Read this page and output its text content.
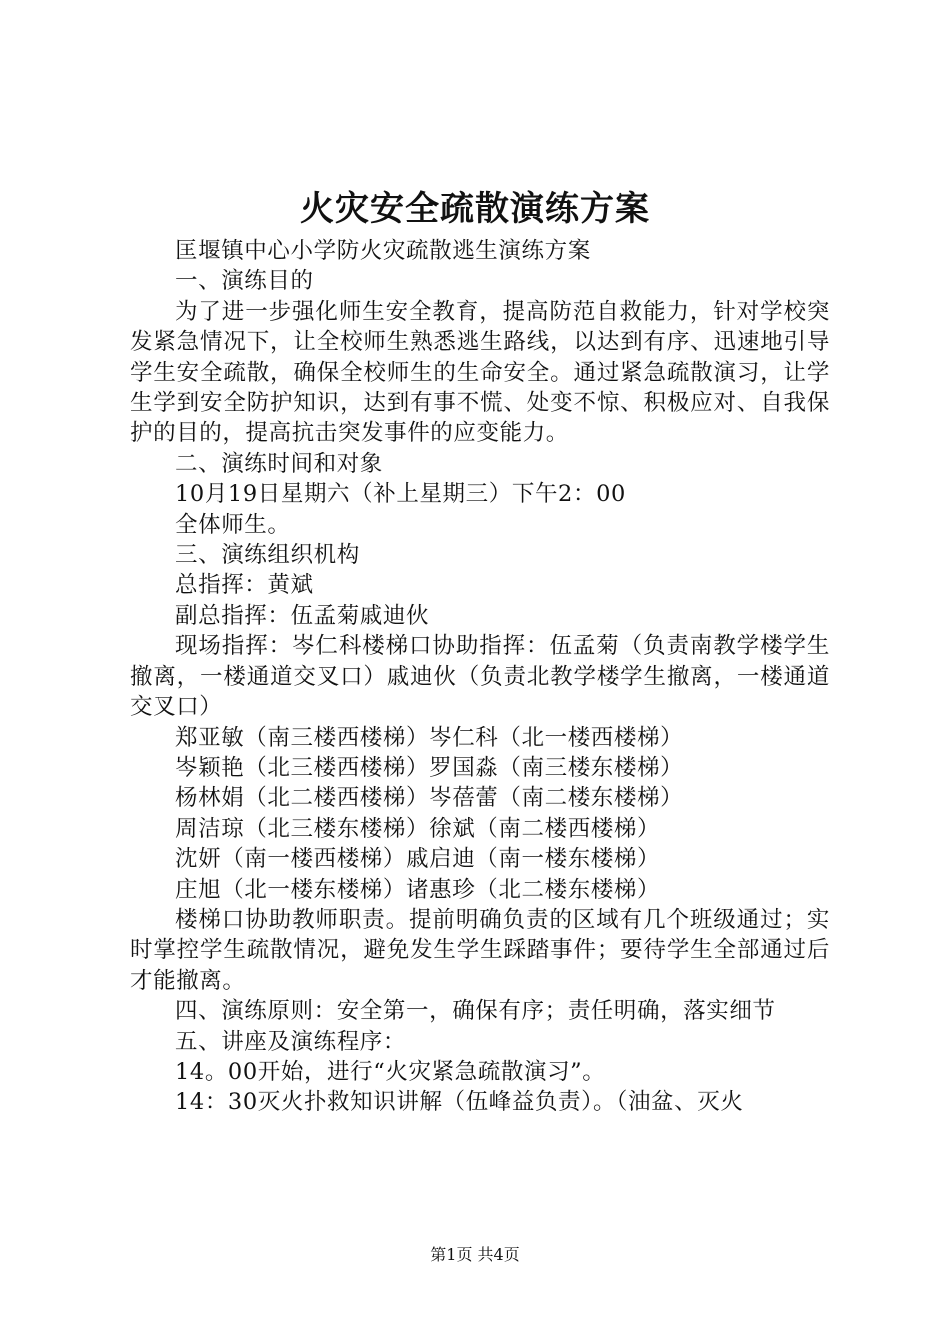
火灾安全疏散演练方案

匡堰镇中心小学防火灾疏散逃生演练方案

一、演练目的

为了进一步强化师生安全教育，提高防范自救能力，针对学校突发紧急情况下，让全校师生熟悉逃生路线，以达到有序、迅速地引导学生安全疏散，确保全校师生的生命安全。通过紧急疏散演习，让学生学到安全防护知识，达到有事不慌、处变不惊、积极应对、自我保护的目的，提高抗击突发事件的应变能力。

二、演练时间和对象

10月19日星期六（补上星期三）下午2：00

全体师生。

三、演练组织机构

总指挥：黄斌

副总指挥：伍孟菊戚迪伙

现场指挥：岑仁科楼梯口协助指挥：伍孟菊（负责南教学楼学生撤离，一楼通道交叉口）戚迪伙（负责北教学楼学生撤离，一楼通道交叉口）

郑亚敏（南三楼西楼梯）岑仁科（北一楼西楼梯）

岑颖艳（北三楼西楼梯）罗国淼（南三楼东楼梯）

杨林娟（北二楼西楼梯）岑蓓蕾（南二楼东楼梯）

周洁琼（北三楼东楼梯）徐斌（南二楼西楼梯）

沈妍（南一楼西楼梯）戚启迪（南一楼东楼梯）

庄旭（北一楼东楼梯）诸惠珍（北二楼东楼梯）

楼梯口协助教师职责。提前明确负责的区域有几个班级通过；实时掌控学生疏散情况，避免发生学生踩踏事件；要待学生全部通过后才能撤离。

四、演练原则：安全第一，确保有序；责任明确，落实细节

五、讲座及演练程序：

14。00开始，进行“火灾紧急疏散演习”。

14：30灭火扑救知识讲解（伍峰益负责）。（油盆、灭火

第1页 共4页
